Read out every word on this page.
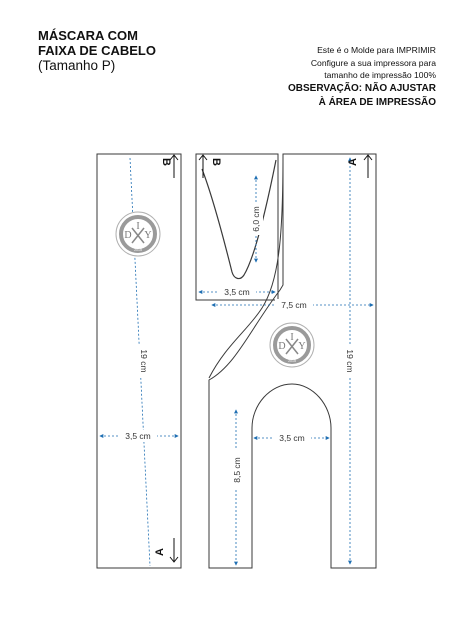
MÁSCARA COM
FAIXA DE CABELO
(Tamanho P)
Este é o Molde para IMPRIMIR
Configure a sua impressora para
tamanho de impressão 100%
OBSERVAÇÃO: NÃO AJUSTAR
À ÁREA DE IMPRESSÃO
3,5 cm
19 cm
B
A
D
I
Y
2015
6,0 cm
3,5 cm
B
7,5 cm
19 cm
3,5 cm
8,5 cm
A
D
I
Y
2015
